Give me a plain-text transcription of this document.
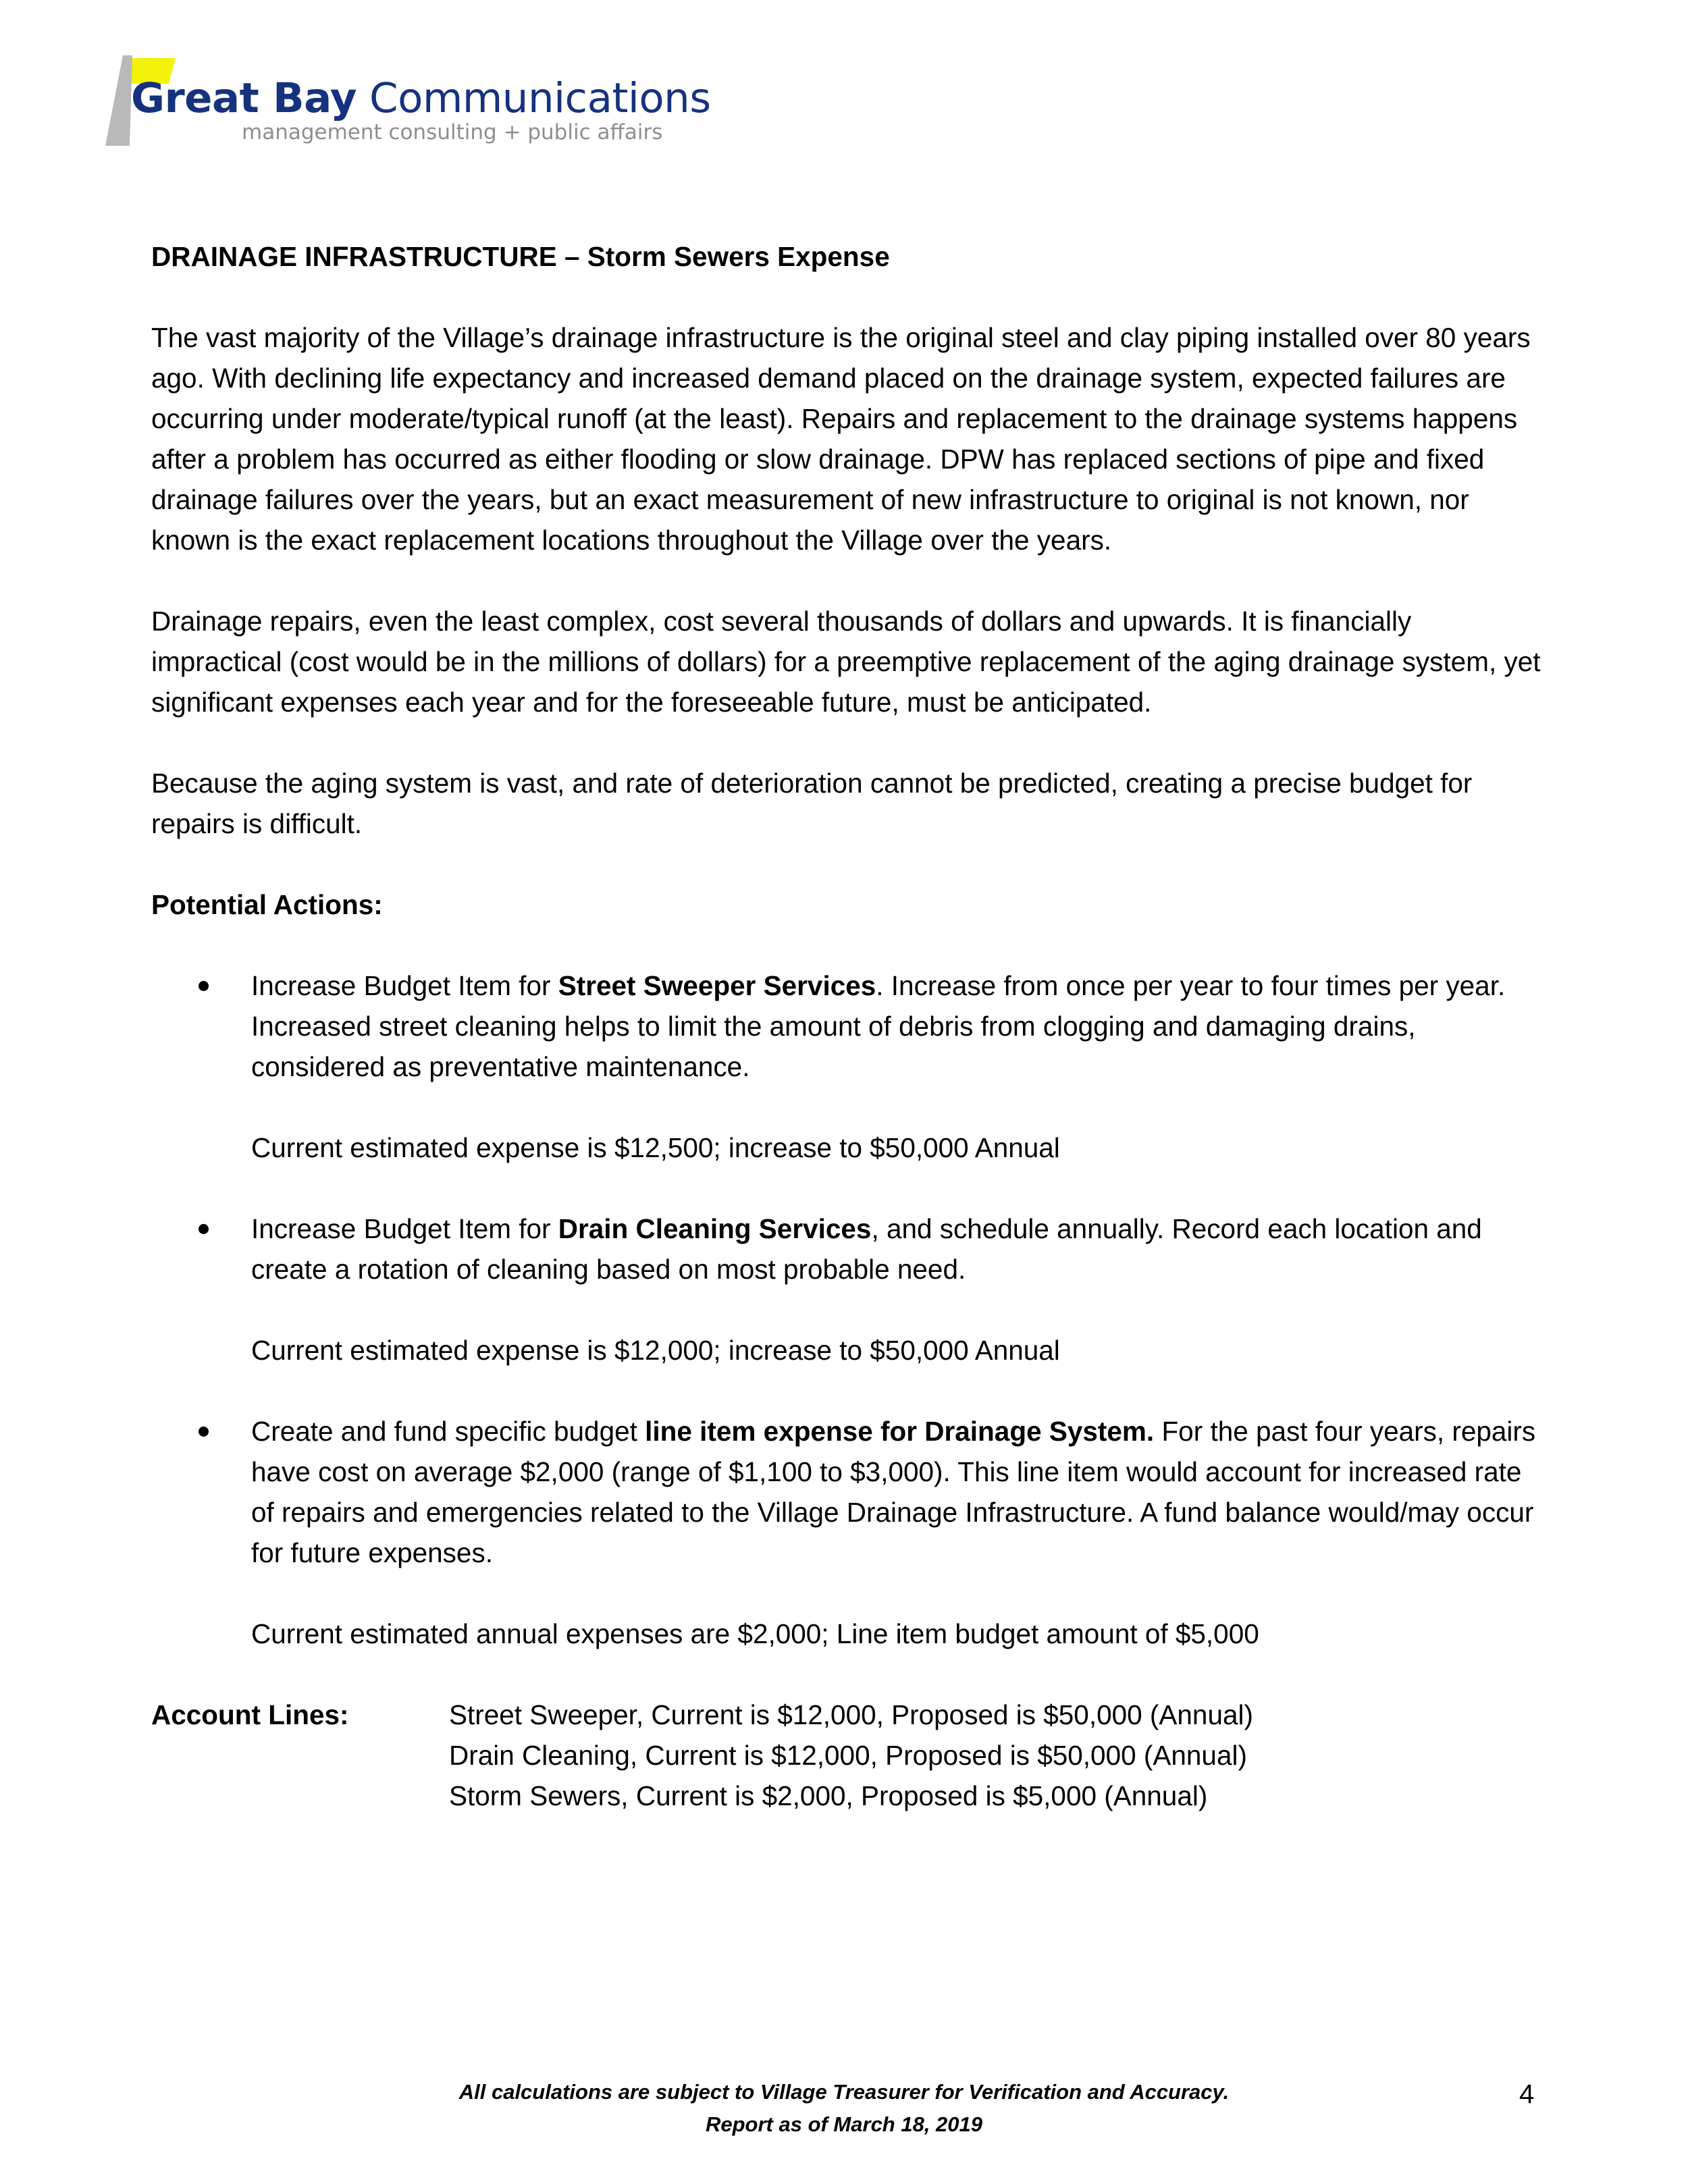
Great Bay Communications
management consulting + public affairs

DRAINAGE INFRASTRUCTURE – Storm Sewers Expense

The vast majority of the Village’s drainage infrastructure is the original steel and clay piping installed over 80 years ago. With declining life expectancy and increased demand placed on the drainage system, expected failures are occurring under moderate/typical runoff (at the least). Repairs and replacement to the drainage systems happens after a problem has occurred as either flooding or slow drainage. DPW has replaced sections of pipe and fixed drainage failures over the years, but an exact measurement of new infrastructure to original is not known, nor known is the exact replacement locations throughout the Village over the years.

Drainage repairs, even the least complex, cost several thousands of dollars and upwards. It is financially impractical (cost would be in the millions of dollars) for a preemptive replacement of the aging drainage system, yet significant expenses each year and for the foreseeable future, must be anticipated.

Because the aging system is vast, and rate of deterioration cannot be predicted, creating a precise budget for repairs is difficult.

Potential Actions:

Increase Budget Item for Street Sweeper Services. Increase from once per year to four times per year. Increased street cleaning helps to limit the amount of debris from clogging and damaging drains, considered as preventative maintenance.

Current estimated expense is $12,500; increase to $50,000 Annual

Increase Budget Item for Drain Cleaning Services, and schedule annually. Record each location and create a rotation of cleaning based on most probable need.

Current estimated expense is $12,000; increase to $50,000 Annual

Create and fund specific budget line item expense for Drainage System. For the past four years, repairs have cost on average $2,000 (range of $1,100 to $3,000). This line item would account for increased rate of repairs and emergencies related to the Village Drainage Infrastructure. A fund balance would/may occur for future expenses.

Current estimated annual expenses are $2,000; Line item budget amount of $5,000

Account Lines:	Street Sweeper, Current is $12,000, Proposed is $50,000 (Annual)
Drain Cleaning, Current is $12,000, Proposed is $50,000 (Annual)
Storm Sewers, Current is $2,000, Proposed is $5,000 (Annual)
All calculations are subject to Village Treasurer for Verification and Accuracy.
Report as of March 18, 2019
4
